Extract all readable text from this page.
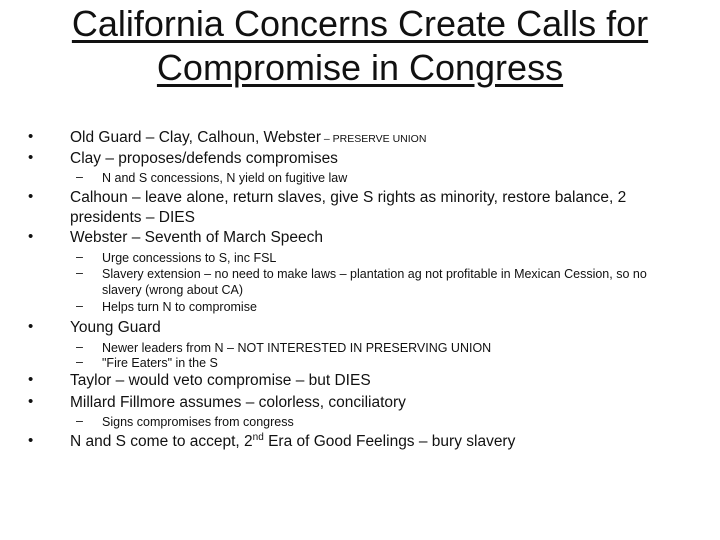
California Concerns Create Calls for
Compromise in Congress
• Old Guard – Clay, Calhoun, Webster – PRESERVE UNION
• Clay – proposes/defends compromises
– N and S concessions, N yield on fugitive law
• Calhoun – leave alone, return slaves, give S rights as minority, restore balance, 2 presidents – DIES
• Webster – Seventh of March Speech
– Urge concessions to S, inc FSL
– Slavery extension – no need to make laws – plantation ag not profitable in Mexican Cession, so no slavery (wrong about CA)
– Helps turn N to compromise
• Young Guard
– Newer leaders from N – NOT INTERESTED IN PRESERVING UNION
– "Fire Eaters" in the S
• Taylor – would veto compromise – but DIES
• Millard Fillmore assumes – colorless, conciliatory
– Signs compromises from congress
• N and S come to accept, 2nd Era of Good Feelings – bury slavery
